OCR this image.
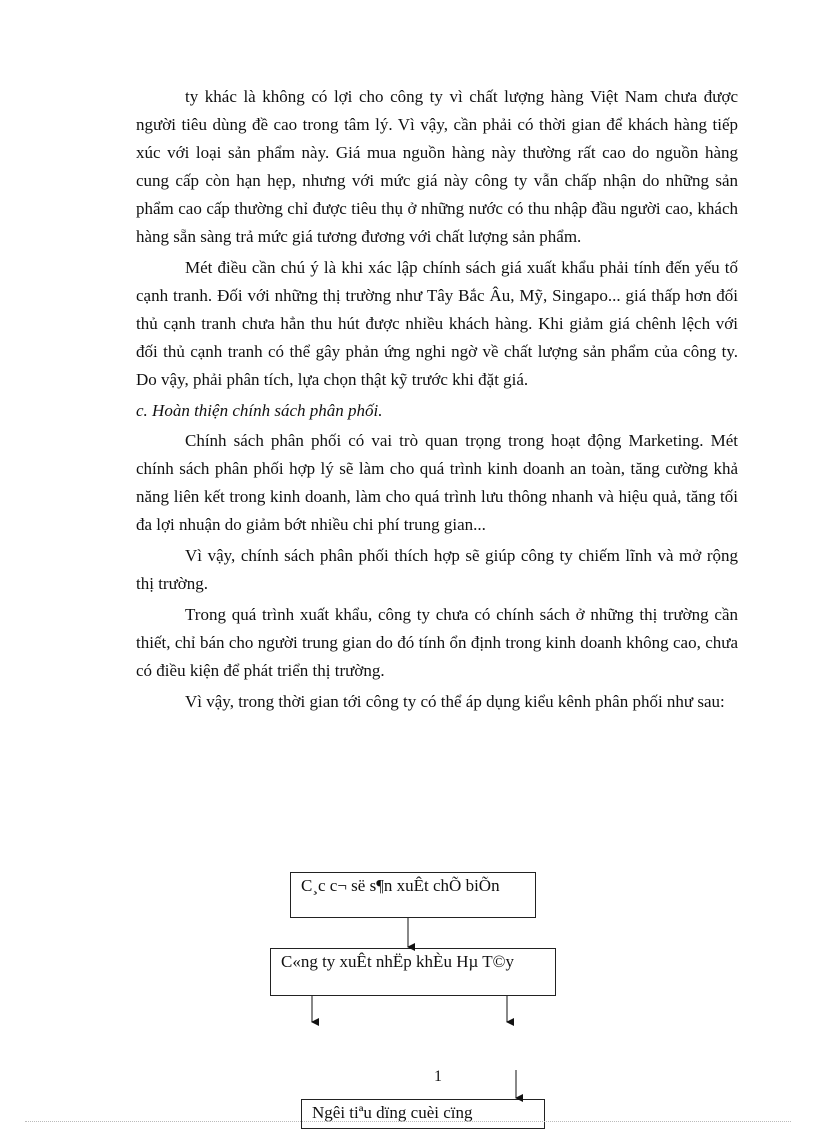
ty khác là không có lợi cho công ty vì chất lượng hàng Việt Nam chưa được người tiêu dùng đề cao trong tâm lý. Vì vậy, cần phải có thời gian để khách hàng tiếp xúc với loại sản phẩm này. Giá mua nguồn hàng này thường rất cao do nguồn hàng cung cấp còn hạn hẹp, nhưng với mức giá này công ty vẫn chấp nhận do những sản phẩm cao cấp thường chỉ được tiêu thụ ở những nước có thu nhập đầu người cao, khách hàng sẵn sàng trả mức giá tương đương với chất lượng sản phẩm.

Mét điều cần chú ý là khi xác lập chính sách giá xuất khẩu phải tính đến yếu tố cạnh tranh. Đối với những thị trường như Tây Bắc Âu, Mỹ, Singapo... giá thấp hơn đối thủ cạnh tranh chưa hẳn thu hút được nhiều khách hàng. Khi giảm giá chênh lệch với đối thủ cạnh tranh có thể gây phản ứng nghi ngờ về chất lượng sản phẩm của công ty. Do vậy, phải phân tích, lựa chọn thật kỹ trước khi đặt giá.

c. Hoàn thiện chính sách phân phối.

Chính sách phân phối có vai trò quan trọng trong hoạt động Marketing. Mét chính sách phân phối hợp lý sẽ làm cho quá trình kinh doanh an toàn, tăng cường khả năng liên kết trong kinh doanh, làm cho quá trình lưu thông nhanh và hiệu quả, tăng tối đa lợi nhuận do giảm bớt nhiều chi phí trung gian...

Vì vậy, chính sách phân phối thích hợp sẽ giúp công ty chiếm lĩnh và mở rộng thị trường.

Trong quá trình xuất khẩu, công ty chưa có chính sách ở những thị trường cần thiết, chỉ bán cho người trung gian do đó tính ổn định trong kinh doanh không cao, chưa có điều kiện để phát triển thị trường.

Vì vậy, trong thời gian tới công ty có thể áp dụng kiểu kênh phân phối như sau:

C¸c c¬ së s¶n xuÊt chÕ biÕn
C«ng ty xuÊt nhËp khÈu Hµ T©y
Ngêi tiªu dïng cuèi cïng
1
